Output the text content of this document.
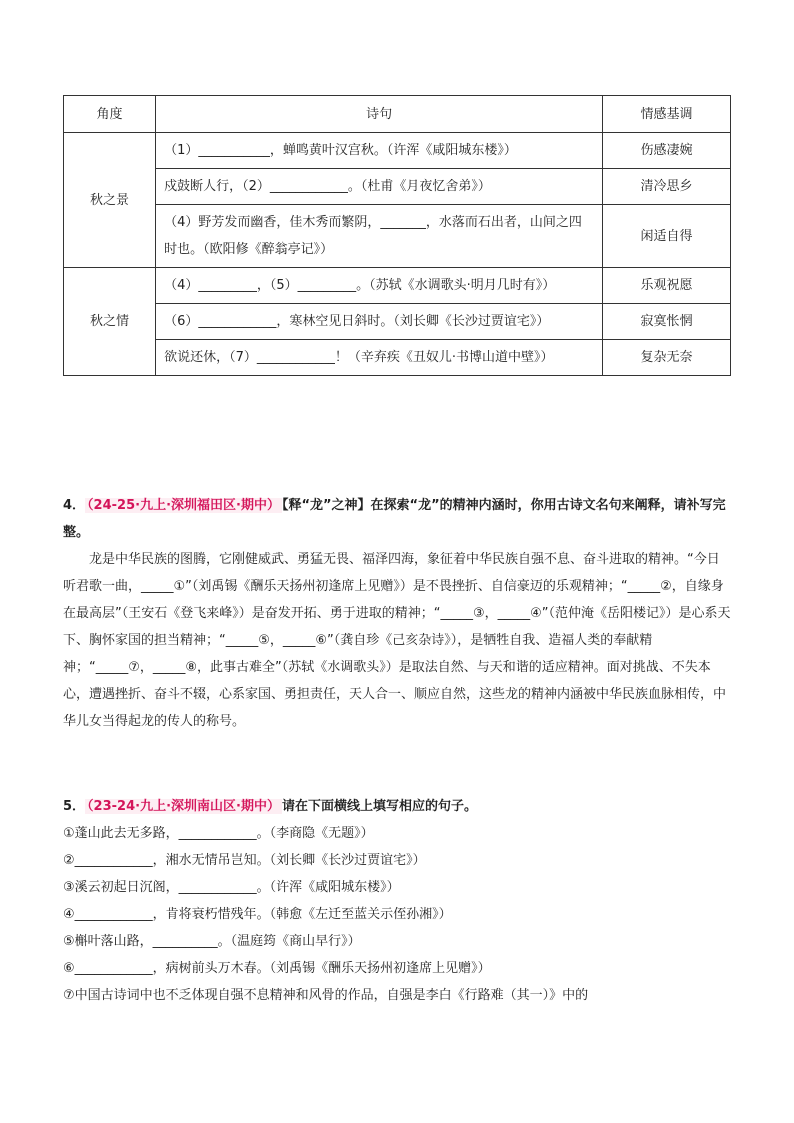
角度	诗句	情感基调
秋之景	（1）___________，蝉鸣黄叶汉宫秋。（许浑《咸阳城东楼》）	伤感凄婉
	戍鼓断人行，（2）____________。（杜甫《月夜忆舍弟》）	清冷思乡
	（4）野芳发而幽香，佳木秀而繁阴，_______，水落而石出者，山间之四时也。（欧阳修《醉翁亭记》）	闲适自得
秋之情	（4）_________，（5）_________。（苏轼《水调歌头·明月几时有》）	乐观祝愿
	（6）____________，寒林空见日斜时。（刘长卿《长沙过贾谊宅》）	寂寞怅惘
	欲说还休，（7）____________！（辛弃疾《丑奴儿·书博山道中壁》）	复杂无奈

4． （24-25·九上·深圳福田区·期中） 【释“龙”之神】在探索“龙”的精神内涵时，你用古诗文名句来阐释，请补写完整。

龙是中华民族的图腾，它刚健威武、勇猛无畏、福泽四海，象征着中华民族自强不息、奋斗进取的精神。“今日听君歌一曲，_____①”（刘禹锡《酬乐天扬州初逢席上见赠》）是不畏挫折、自信豪迈的乐观精神；“_____②，自缘身在最高层”（王安石《登飞来峰》）是奋发开拓、勇于进取的精神；“_____③，_____④”（范仲淹《岳阳楼记》）是心系天下、胸怀家国的担当精神；“_____⑤，_____⑥”（龚自珍《己亥杂诗》），是牺牲自我、造福人类的奉献精神；“_____⑦，_____⑧，此事古难全”（苏轼《水调歌头》）是取法自然、与天和谐的适应精神。面对挑战、不失本心，遭遇挫折、奋斗不辍，心系家国、勇担责任，天人合一、顺应自然，这些龙的精神内涵被中华民族血脉相传，中华儿女当得起龙的传人的称号。

5． （23-24·九上·深圳南山区·期中） 请在下面横线上填写相应的句子。

①蓬山此去无多路，____________。（李商隐《无题》）

②____________，湘水无情吊岂知。（刘长卿《长沙过贾谊宅》）

③溪云初起日沉阁，____________。（许浑《咸阳城东楼》）

④____________，肯将衰朽惜残年。（韩愈《左迁至蓝关示侄孙湘》）

⑤槲叶落山路，__________。（温庭筠《商山早行》）

⑥____________，病树前头万木春。（刘禹锡《酬乐天扬州初逢席上见赠》）

⑦中国古诗词中也不乏体现自强不息精神和风骨的作品，自强是李白《行路难（其一）》中的
